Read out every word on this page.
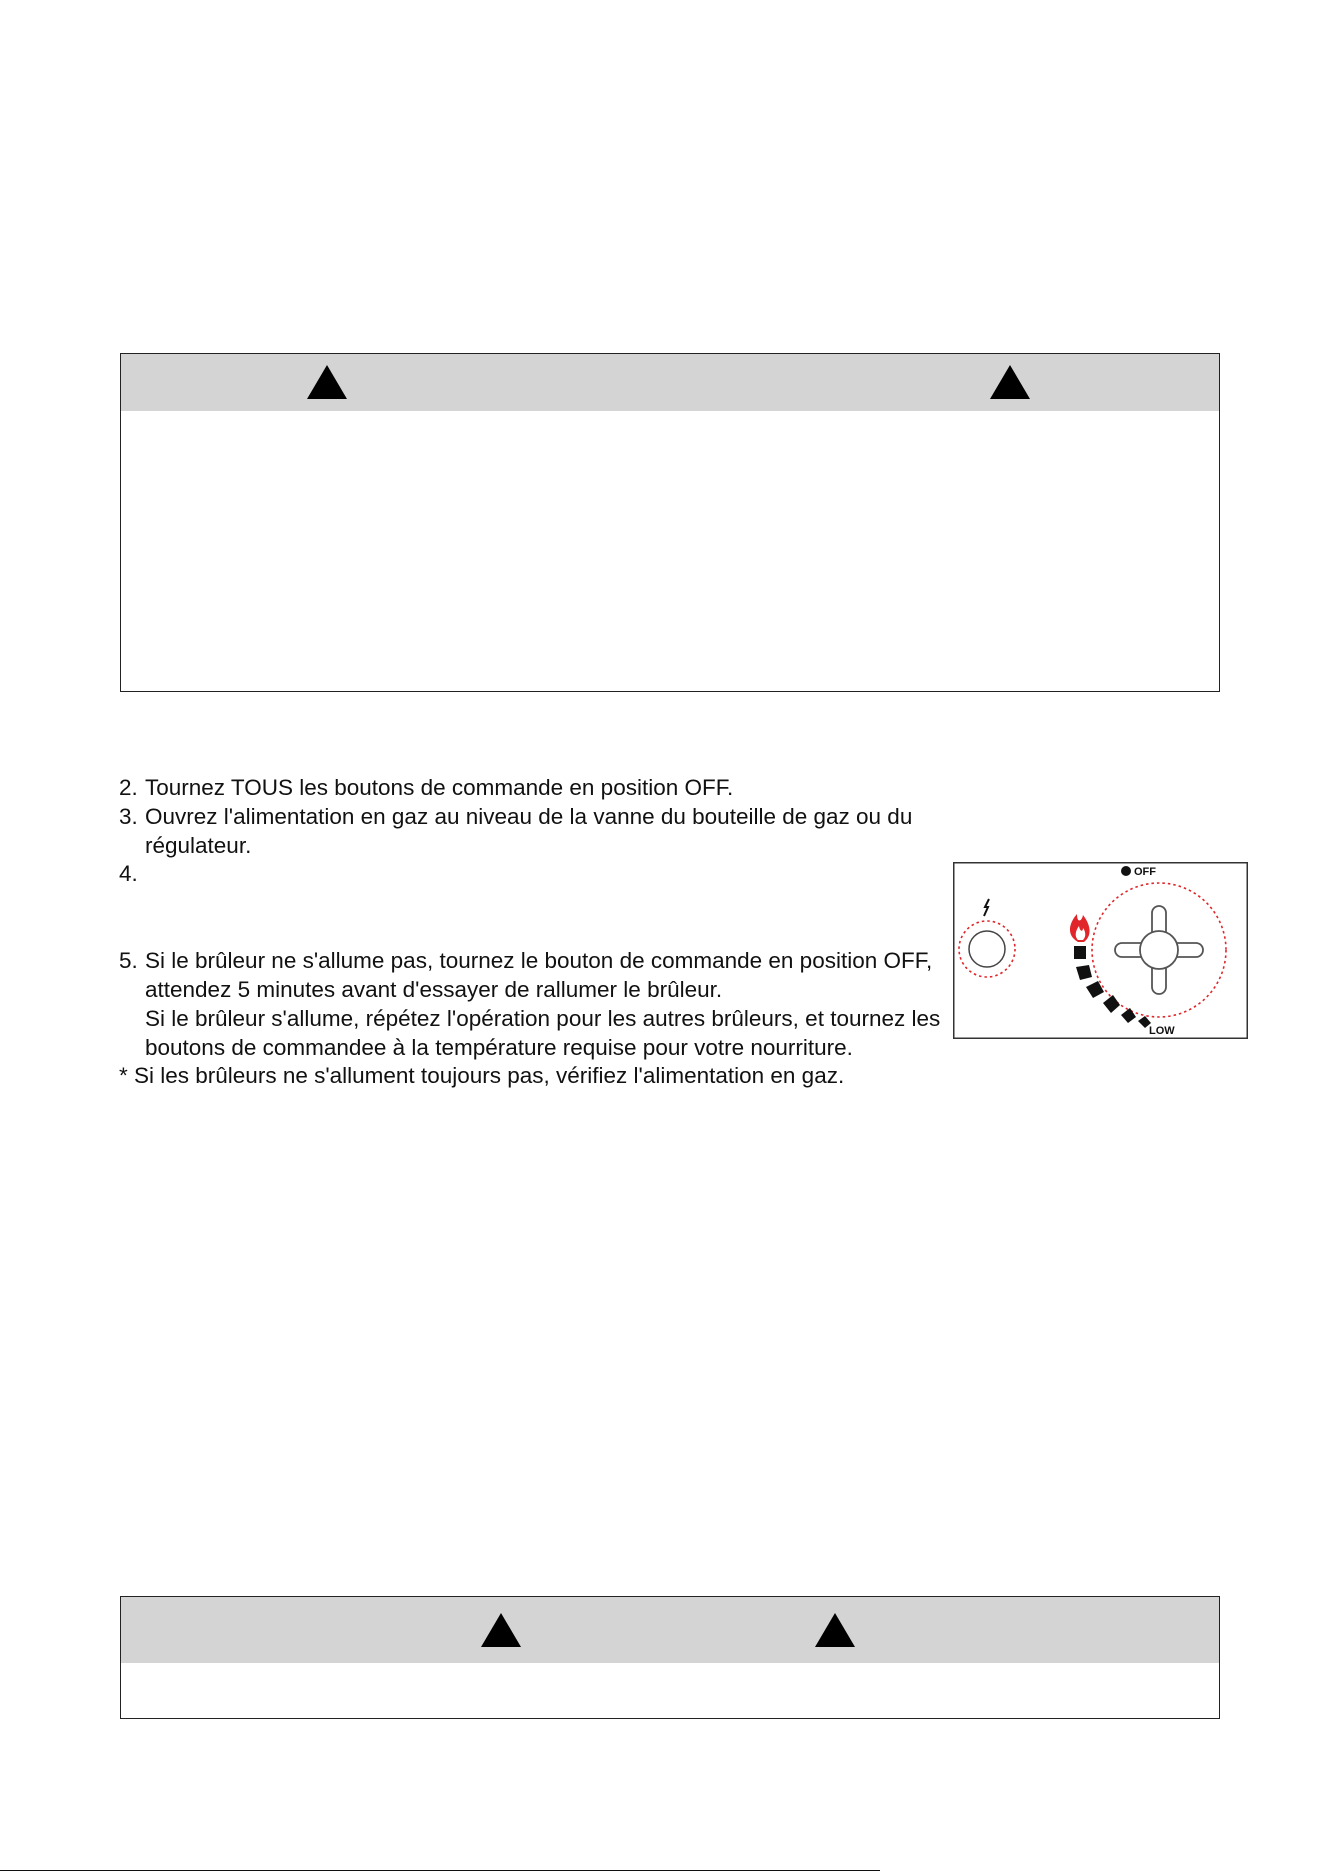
2. Tournez TOUS les boutons de commande en position OFF.
3. Ouvrez l'alimentation en gaz au niveau de la vanne du bouteille de gaz ou du
régulateur.
4.

5. Si le brûleur ne s'allume pas, tournez le bouton de commande en position OFF,
attendez 5 minutes avant d'essayer de rallumer le brûleur.
Si le brûleur s'allume, répétez l'opération pour les autres brûleurs, et tournez les
boutons de commandee à la température requise pour votre nourriture.
* Si les brûleurs ne s'allument toujours pas, vérifiez l'alimentation en gaz.
OFF
LOW
